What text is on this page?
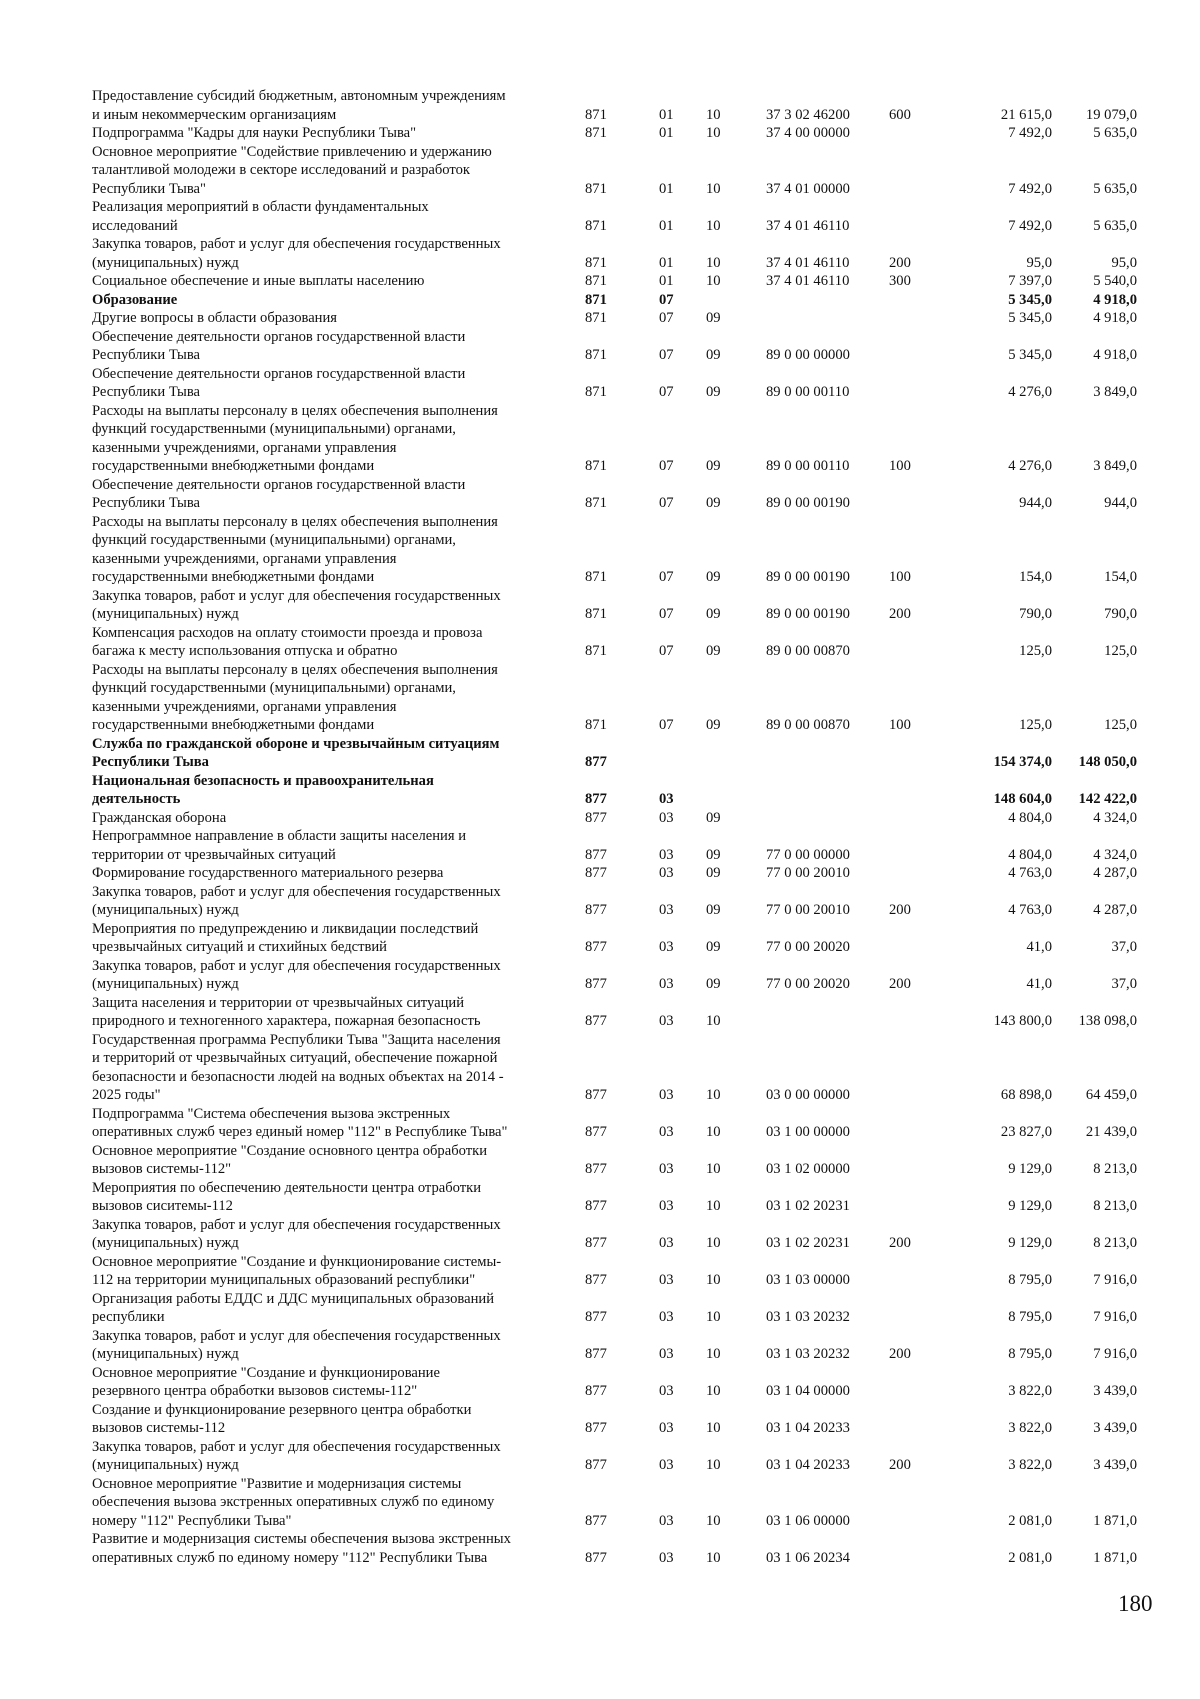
Предоставление субсидий бюджетным, автономным учреждениям
и иным некоммерческим организациям	871	01	10	37 3 02 46200	600	21 615,0	19 079,0
Подпрограмма "Кадры для науки Республики Тыва"	871	01	10	37 4 00 00000		7 492,0	5 635,0
Основное мероприятие "Содействие привлечению и удержанию
талантливой молодежи в секторе исследований и разработок
Республики Тыва"	871	01	10	37 4 01 00000		7 492,0	5 635,0
Реализация мероприятий в области фундаментальных
исследований	871	01	10	37 4 01 46110		7 492,0	5 635,0
Закупка товаров, работ и услуг для обеспечения государственных
(муниципальных) нужд	871	01	10	37 4 01 46110	200	95,0	95,0
Социальное обеспечение и иные выплаты населению	871	01	10	37 4 01 46110	300	7 397,0	5 540,0
Образование	871	07				5 345,0	4 918,0
Другие вопросы в области образования	871	07	09			5 345,0	4 918,0
Обеспечение деятельности органов государственной власти
Республики Тыва	871	07	09	89 0 00 00000		5 345,0	4 918,0
Обеспечение деятельности органов государственной власти
Республики Тыва	871	07	09	89 0 00 00110		4 276,0	3 849,0
Расходы на выплаты персоналу в целях обеспечения выполнения
функций государственными (муниципальными) органами,
казенными учреждениями, органами управления
государственными внебюджетными фондами	871	07	09	89 0 00 00110	100	4 276,0	3 849,0
Обеспечение деятельности органов государственной власти
Республики Тыва	871	07	09	89 0 00 00190		944,0	944,0
Расходы на выплаты персоналу в целях обеспечения выполнения
функций государственными (муниципальными) органами,
казенными учреждениями, органами управления
государственными внебюджетными фондами	871	07	09	89 0 00 00190	100	154,0	154,0
Закупка товаров, работ и услуг для обеспечения государственных
(муниципальных) нужд	871	07	09	89 0 00 00190	200	790,0	790,0
Компенсация расходов на оплату стоимости проезда и провоза
багажа к месту использования отпуска и обратно	871	07	09	89 0 00 00870		125,0	125,0
Расходы на выплаты персоналу в целях обеспечения выполнения
функций государственными (муниципальными) органами,
казенными учреждениями, органами управления
государственными внебюджетными фондами	871	07	09	89 0 00 00870	100	125,0	125,0
Служба по гражданской обороне и чрезвычайным ситуациям
Республики Тыва	877					154 374,0	148 050,0
Национальная безопасность и правоохранительная
деятельность	877	03				148 604,0	142 422,0
Гражданская оборона	877	03	09			4 804,0	4 324,0
Непрограммное направление в области защиты населения и
территории от чрезвычайных ситуаций	877	03	09	77 0 00 00000		4 804,0	4 324,0
Формирование государственного материального резерва	877	03	09	77 0 00 20010		4 763,0	4 287,0
Закупка товаров, работ и услуг для обеспечения государственных
(муниципальных) нужд	877	03	09	77 0 00 20010	200	4 763,0	4 287,0
Мероприятия по предупреждению и ликвидации последствий
чрезвычайных ситуаций и стихийных бедствий	877	03	09	77 0 00 20020		41,0	37,0
Закупка товаров, работ и услуг для обеспечения государственных
(муниципальных) нужд	877	03	09	77 0 00 20020	200	41,0	37,0
Защита населения и территории от чрезвычайных ситуаций
природного и техногенного характера, пожарная безопасность	877	03	10			143 800,0	138 098,0
Государственная программа Республики Тыва "Защита населения
и территорий от чрезвычайных ситуаций, обеспечение пожарной
безопасности и безопасности людей на водных объектах на 2014 -
2025 годы"	877	03	10	03 0 00 00000		68 898,0	64 459,0
Подпрограмма "Система обеспечения вызова экстренных
оперативных служб через единый номер "112" в Республике Тыва"	877	03	10	03 1 00 00000		23 827,0	21 439,0
Основное мероприятие "Создание основного центра обработки
вызовов системы-112"	877	03	10	03 1 02 00000		9 129,0	8 213,0
Мероприятия по обеспечению деятельности центра отработки
вызовов сиситемы-112	877	03	10	03 1 02 20231		9 129,0	8 213,0
Закупка товаров, работ и услуг для обеспечения государственных
(муниципальных) нужд	877	03	10	03 1 02 20231	200	9 129,0	8 213,0
Основное мероприятие "Создание и функционирование системы-
112 на территории муниципальных образований республики"	877	03	10	03 1 03 00000		8 795,0	7 916,0
Организация работы ЕДДС и ДДС муниципальных образований
республики	877	03	10	03 1 03 20232		8 795,0	7 916,0
Закупка товаров, работ и услуг для обеспечения государственных
(муниципальных) нужд	877	03	10	03 1 03 20232	200	8 795,0	7 916,0
Основное мероприятие "Создание и функционирование
резервного центра обработки вызовов системы-112"	877	03	10	03 1 04 00000		3 822,0	3 439,0
Создание и функционирование резервного центра обработки
вызовов системы-112	877	03	10	03 1 04 20233		3 822,0	3 439,0
Закупка товаров, работ и услуг для обеспечения государственных
(муниципальных) нужд	877	03	10	03 1 04 20233	200	3 822,0	3 439,0
Основное мероприятие "Развитие и модернизация системы
обеспечения вызова экстренных оперативных служб по единому
номеру "112" Республики Тыва"	877	03	10	03 1 06 00000		2 081,0	1 871,0
Развитие и модернизация системы обеспечения вызова экстренных
оперативных служб по единому номеру "112" Республики Тыва	877	03	10	03 1 06 20234		2 081,0	1 871,0
180
